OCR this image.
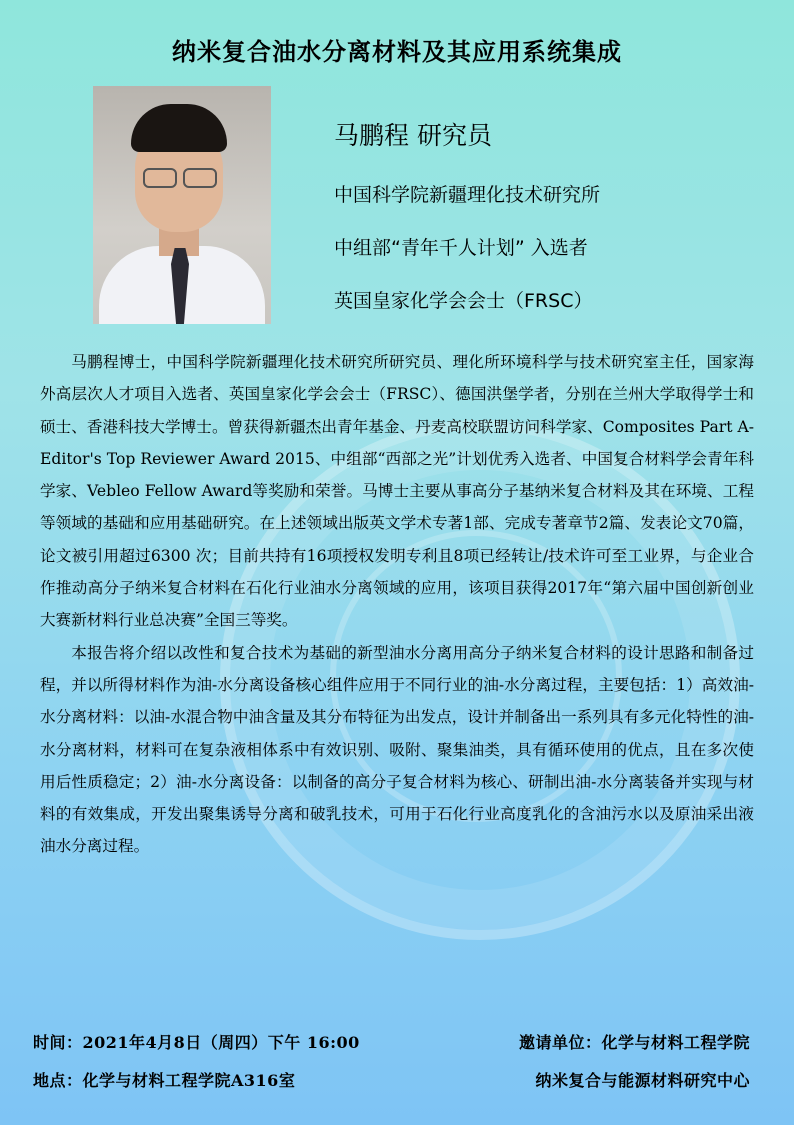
纳米复合油水分离材料及其应用系统集成
马鹏程 研究员
中国科学院新疆理化技术研究所
中组部“青年千人计划” 入选者
英国皇家化学会会士（FRSC）

马鹏程博士，中国科学院新疆理化技术研究所研究员、理化所环境科学与技术研究室主任，国家海外高层次人才项目入选者、英国皇家化学会会士（FRSC）、德国洪堡学者，分别在兰州大学取得学士和硕士、香港科技大学博士。曾获得新疆杰出青年基金、丹麦高校联盟访问科学家、Composites Part A-Editor's Top Reviewer Award 2015、中组部“西部之光”计划优秀入选者、中国复合材料学会青年科学家、Vebleo Fellow Award等奖励和荣誉。马博士主要从事高分子基纳米复合材料及其在环境、工程等领域的基础和应用基础研究。在上述领域出版英文学术专著1部、完成专著章节2篇、发表论文70篇，论文被引用超过6300 次；目前共持有16项授权发明专利且8项已经转让/技术许可至工业界，与企业合作推动高分子纳米复合材料在石化行业油水分离领域的应用，该项目获得2017年“第六届中国创新创业大赛新材料行业总决赛”全国三等奖。

本报告将介绍以改性和复合技术为基础的新型油水分离用高分子纳米复合材料的设计思路和制备过程，并以所得材料作为油-水分离设备核心组件应用于不同行业的油-水分离过程，主要包括：1）高效油-水分离材料：以油-水混合物中油含量及其分布特征为出发点，设计并制备出一系列具有多元化特性的油-水分离材料，材料可在复杂液相体系中有效识别、吸附、聚集油类，具有循环使用的优点，且在多次使用后性质稳定；2）油-水分离设备：以制备的高分子复合材料为核心、研制出油-水分离装备并实现与材料的有效集成，开发出聚集诱导分离和破乳技术，可用于石化行业高度乳化的含油污水以及原油采出液油水分离过程。

时间：2021年4月8日（周四）下午 16:00
地点：化学与材料工程学院A316室
邀请单位：化学与材料工程学院
纳米复合与能源材料研究中心
